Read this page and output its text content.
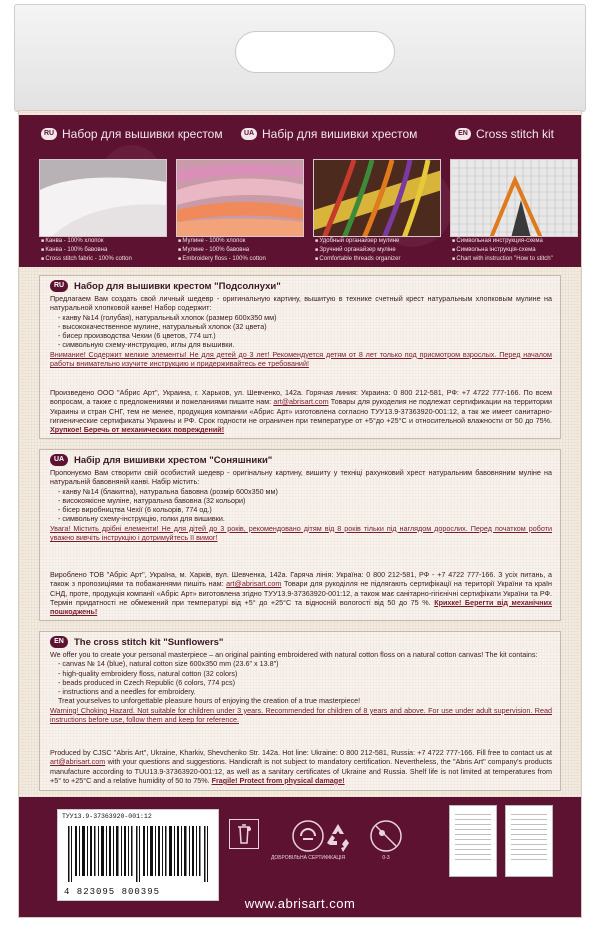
RU Набор для вышивки крестом	UA Набір для вишивки хрестом	EN Cross stitch kit
■ Канва - 100% хлопок
■ Канва - 100% бавовна
■ Cross stitch fabric - 100% cotton
■ Мулине - 100% хлопок
■ Мулине - 100% бавовна
■ Embroidery floss - 100% cotton
■ Удобный органайзер мулине
■ Зручний органайзер мулiне
■ Comfortable threads organizer
■ Символьная инструкция-схема
■ Символьна інструкція-схема
■ Chart with instruction "How to stitch"
RU	Набор для вышивки крестом "Подсолнухи"
Предлагаем Вам создать свой личный шедевр - оригинальную картину, вышитую в технике счетный крест натуральным хлопковым мулине на натуральной хлопковой канве! Набор содержит:
- канву №14 (голубая), натуральный хлопок (размер 600х350 мм)
- высококачественное мулине, натуральный хлопок (32 цвета)
- бисер производства Чехии (6 цветов, 774 шт.)
- символьную схему-инструкцию, иглы для вышивки.
Внимание! Содержит мелкие элементы! Не для детей до 3 лет! Рекомендуется детям от 8 лет только под присмотром взрослых. Перед началом работы внимательно изучите инструкцию и придерживайтесь ее требований!
Произведено ООО "Абрис Арт", Украина, г. Харьков, ул. Шевченко, 142а. Горячая линия: Украина: 0 800 212-581, РФ: +7 4722 777-166. По всем вопросам, а также с предложениями и пожеланиями пишите нам: art@abrisart.com Товары для рукоделия не подлежат сертификации на территории Украины и стран СНГ, тем не менее, продукция компании «Абрис Арт» изготовлена согласно ТУУ13.9-37363920-001:12, а так же имеет санитарно-гигиенические сертификаты Украины и РФ. Срок годности не ограничен при температуре от +5°до +25°С и относительной влажности от 50 до 75%. Хрупкое! Беречь от механических повреждений!
UA	Набір для вишивки хрестом "Соняшники"
Пропонуємо Вам створити свій особистий шедевр - оригінальну картину, вишиту у техніці рахунковий хрест натуральним бавовняним муліне на натуральній бавовняній канві. Набір містить:
- канву №14 (блакитна), натуральна бавовна (розмір 600х350 мм)
- високоякісне муліне, натуральна бавовна (32 кольори)
- бісер виробництва Чехії (6 кольорів, 774 од.)
- символьну схему-інструкцію, голки для вишивки.
Увага! Містить дрібні елементи! Не для дітей до 3 років, рекомендовано дітям від 8 років тільки під наглядом дорослих. Перед початком роботи уважно вивчіть інструкцію і дотримуйтесь її вимог!
Вироблено ТОВ "Абріс Арт", Україна, м. Харків, вул. Шевченка, 142а. Гаряча лінія: Україна: 0 800 212-581, РФ - +7 4722 777-166. З усіх питань, а також з пропозиціями та побажаннями пишіть нам: art@abrisart.com Товари для рукоділля не підлягають сертифікації на території України та країн СНД, проте, продукція компанії «Абріс Арт» виготовлена згідно ТУУ13.9-37363920-001:12, а також має санітарно-гігієнічні сертифікати України та РФ. Термін придатності не обмежений при температурі від +5° до +25°С та відносній вологості від 50 до 75 %. Крихке! Берегти від механічних пошкоджень!
EN	The cross stitch kit "Sunflowers"
We offer you to create your personal masterpiece – an original painting embroidered with natural cotton floss on a natural cotton canvas! The kit contains:
- canvas № 14 (blue), natural cotton size 600x350 mm (23.6" x 13.8")
- high-quality embroidery floss, natural cotton (32 colors)
- beads produced in Czech Republic (6 colors, 774 pcs)
- instructions and a needles for embroidery.
Treat yourselves to unforgettable pleasure hours of enjoying the creation of a true masterpiece!
Warning! Choking Hazard. Not suitable for children under 3 years. Recommended for children of 8 years and above. For use under adult supervision. Read instructions before use, follow them and keep for reference.
Produced by CJSC "Abris Art", Ukraine, Kharkiv, Shevchenko Str. 142a. Hot line: Ukraine: 0 800 212-581, Russia: +7 4722 777-166. Fill free to contact us at art@abrisart.com with your questions and suggestions. Handicraft is not subject to mandatory certification. Nevertheless, the "Abris Art" company's products manufacture according to TUU13.9-37363920-001:12, as well as a sanitary certificates of Ukraine and Russia. Shelf life is not limited at temperatures from +5° to +25°C and a relative humidity of 50 to 75%. Fragile! Protect from physical damage!
ТУУ13.9-37363920-001:12
4 823095 800395
ДОБРОВІЛЬНА СЕРТИФІКАЦІЯ	0-3
www.abrisart.com
